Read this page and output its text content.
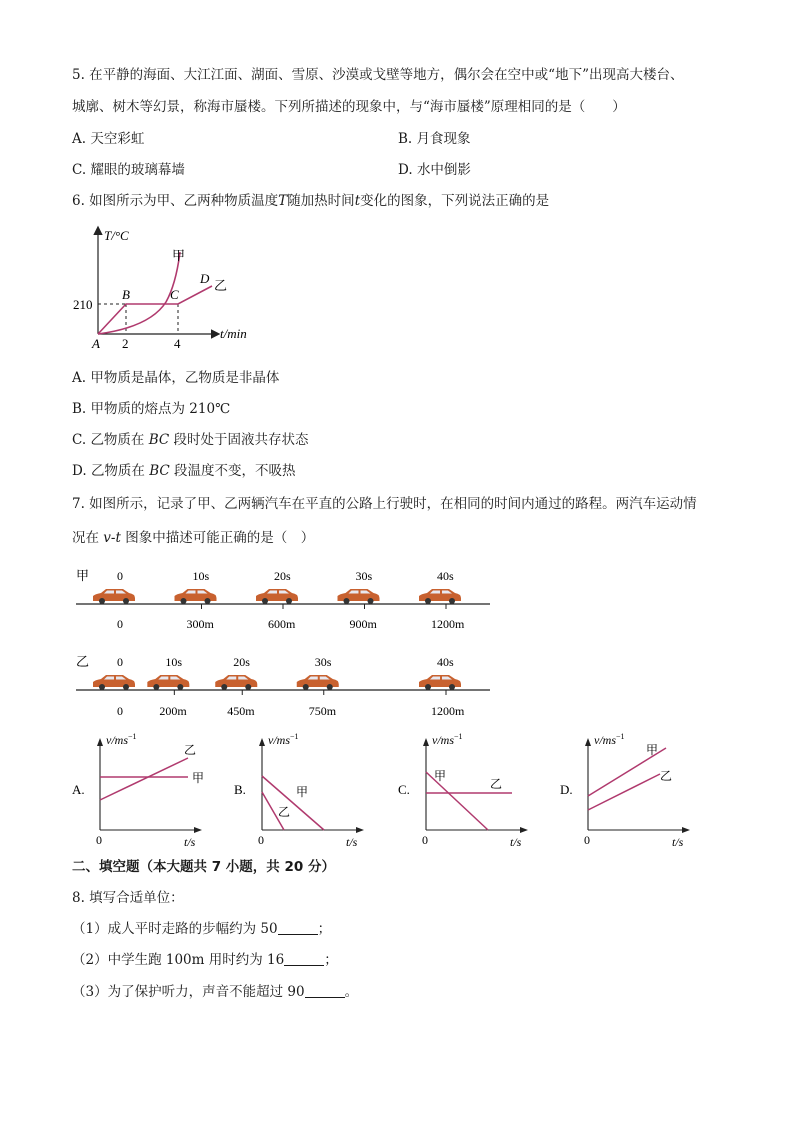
5. 在平静的海面、大江江面、湖面、雪原、沙漠或戈壁等地方，偶尔会在空中或“地下”出现高大楼台、
城廓、树木等幻景，称海市蜃楼。下列所描述的现象中，与“海市蜃楼”原理相同的是（　　）
A. 天空彩虹	B. 月食现象
C. 耀眼的玻璃幕墙	D. 水中倒影
6. 如图所示为甲、乙两种物质温度T随加热时间t变化的图象，下列说法正确的是
T/°C
t/min
210
2	4
A
B	C
D
甲
乙
A. 甲物质是晶体，乙物质是非晶体
B. 甲物质的熔点为 210℃
C. 乙物质在 BC 段时处于固液共存状态
D. 乙物质在 BC 段温度不变，不吸热
7. 如图所示，记录了甲、乙两辆汽车在平直的公路上行驶时，在相同的时间内通过的路程。两汽车运动情
况在 v-t 图象中描述可能正确的是（　）
甲 0
0
10s
300m
20s
600m
30s
900m
40s
1200m
乙 0
0
10s
200m
20s
450m
30s
750m
40s
1200m
A.
$v/ms^{-1}$
t/s
0
甲
乙
B.
$v/ms^{-1}$
t/s
0
甲
乙
C.
$v/ms^{-1}$
t/s
0
甲
乙	D.
$v/ms^{-1}$
t/s
0
甲
乙
二、填空题（本大题共 7 小题，共 20 分）
8. 填写合适单位：
（1）成人平时走路的步幅约为 50	；
（2）中学生跑 100m 用时约为 16	；
（3）为了保护听力，声音不能超过 90	。
